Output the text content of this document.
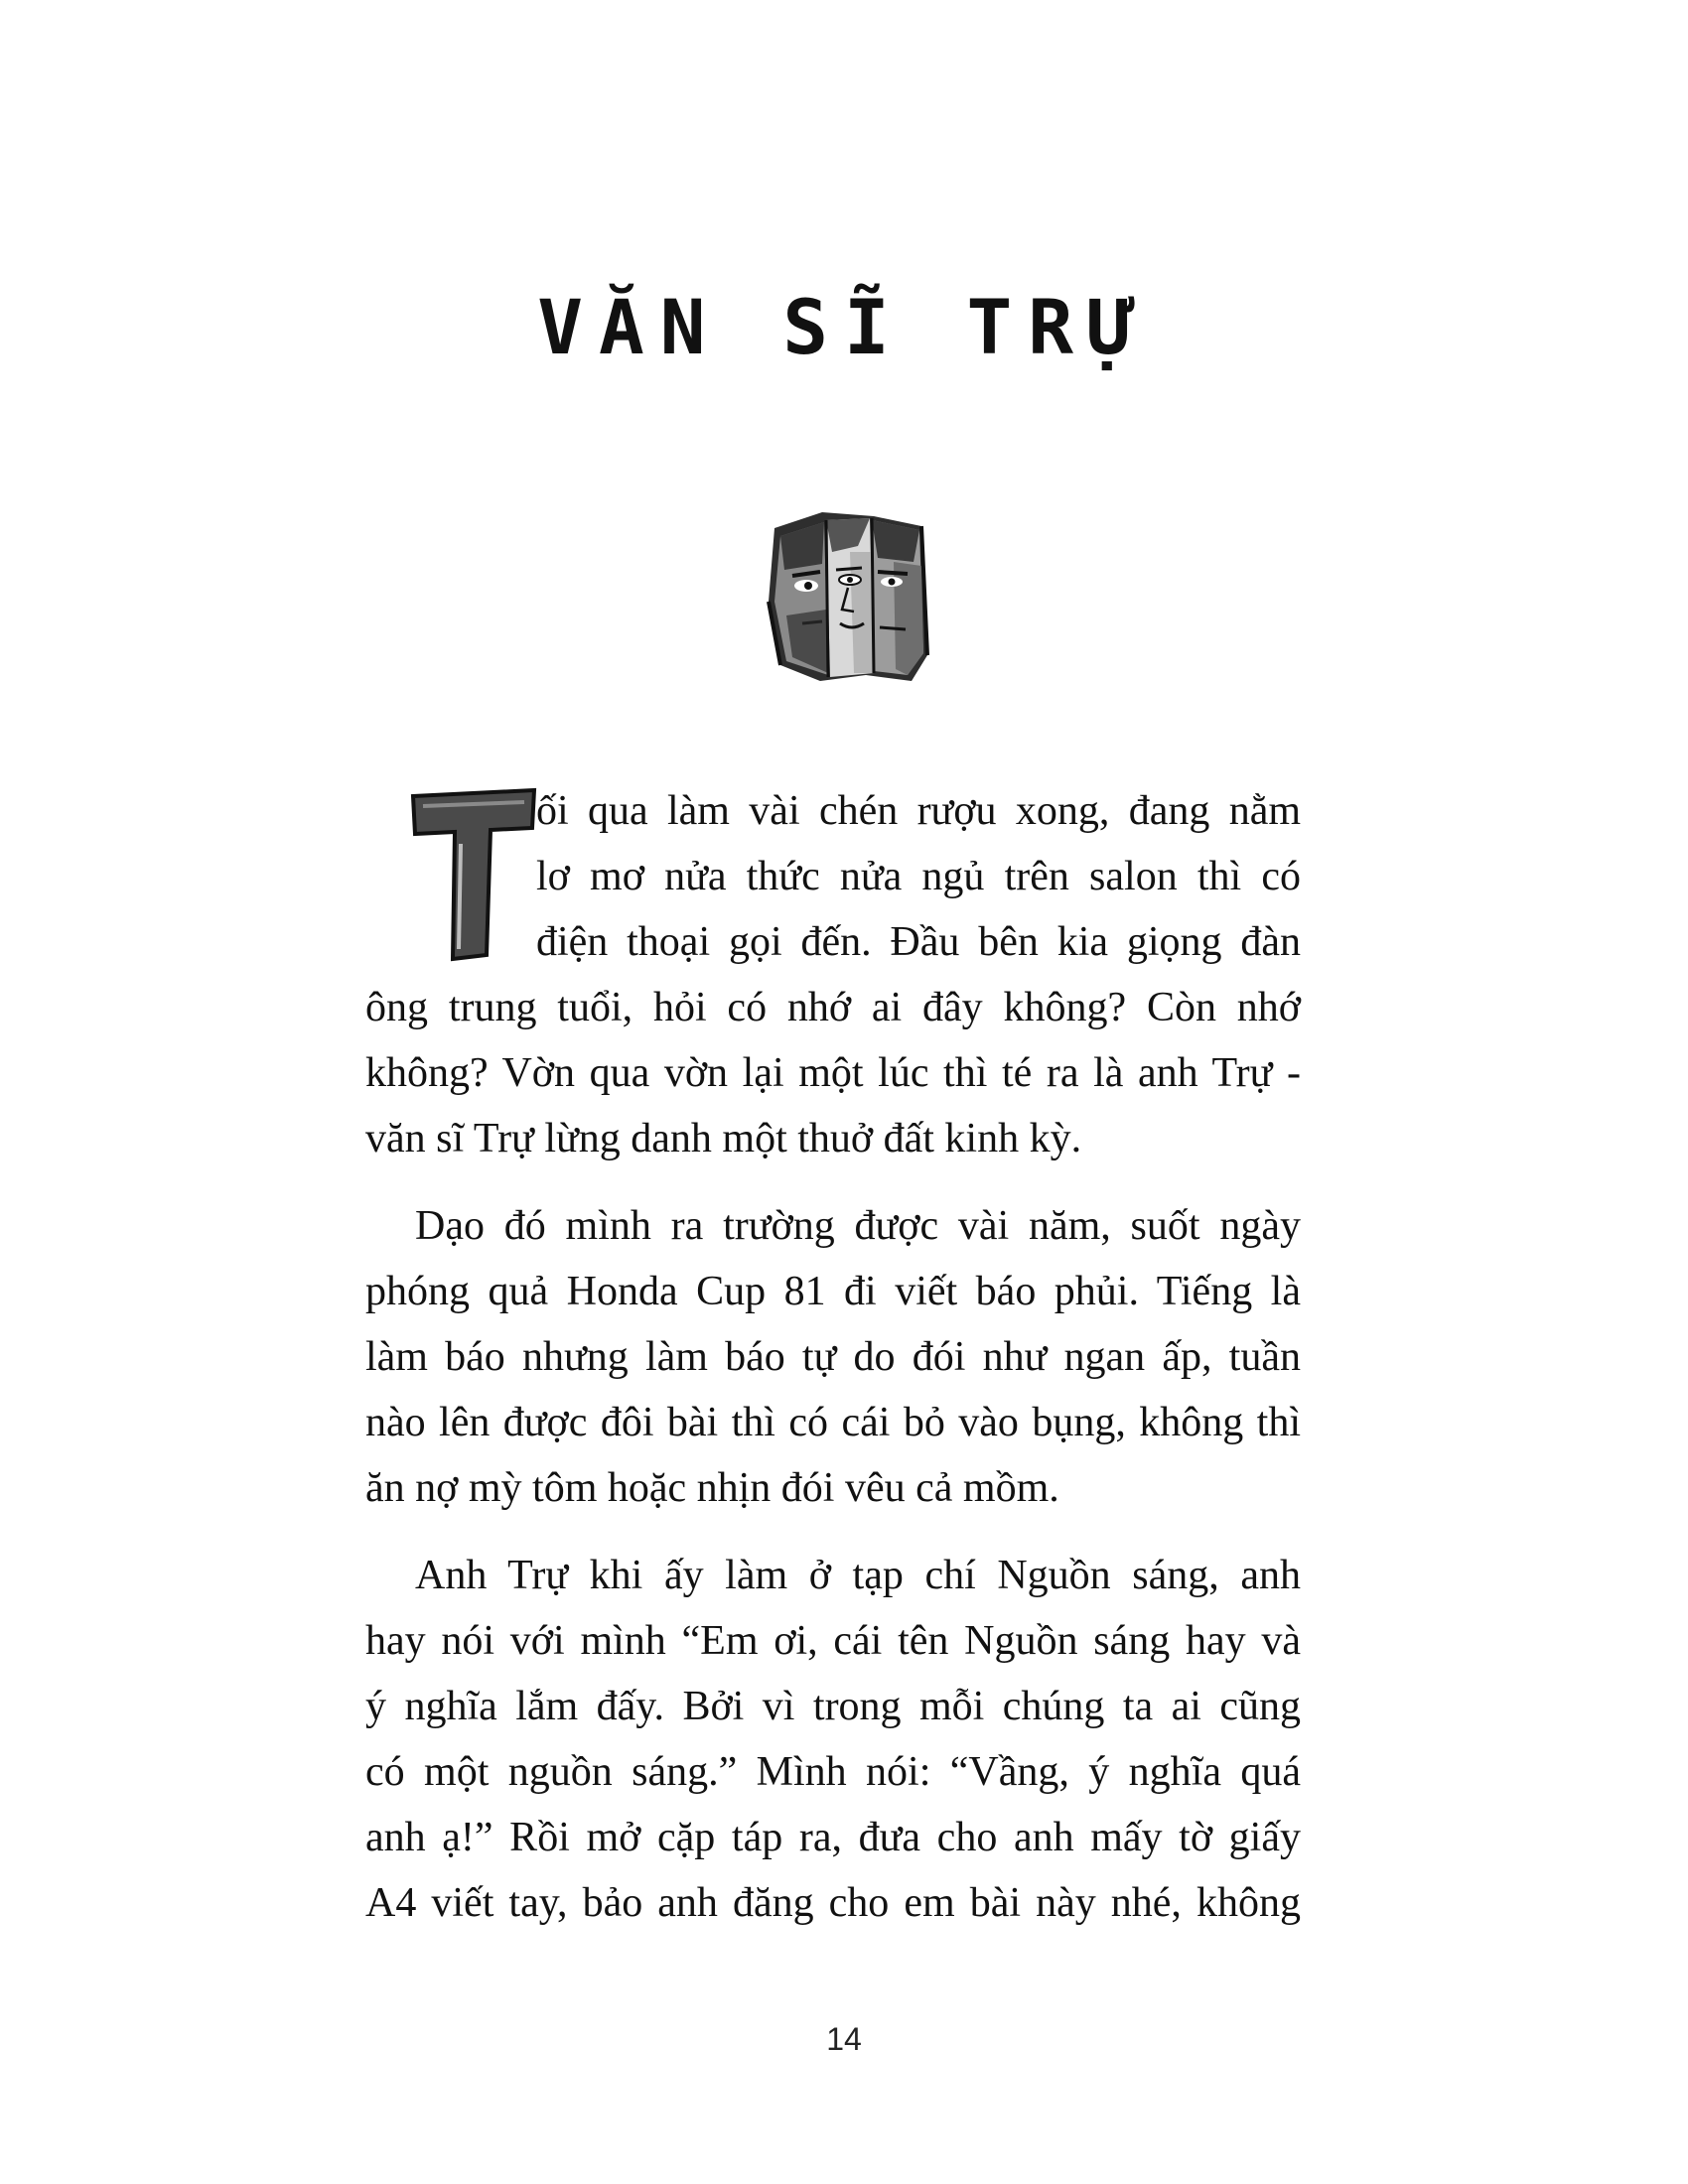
VĂN SĨ TRỰ
T
ối qua làm vài chén rượu xong, đang nằm
lơ mơ nửa thức nửa ngủ trên salon thì có
điện thoại gọi đến. Đầu bên kia giọng đàn
ông trung tuổi, hỏi có nhớ ai đây không? Còn nhớ
không? Vờn qua vờn lại một lúc thì té ra là anh Trự -
văn sĩ Trự lừng danh một thuở đất kinh kỳ.
Dạo đó mình ra trường được vài năm, suốt ngày
phóng quả Honda Cup 81 đi viết báo phủi. Tiếng là
làm báo nhưng làm báo tự do đói như ngan ấp, tuần
nào lên được đôi bài thì có cái bỏ vào bụng, không thì
ăn nợ mỳ tôm hoặc nhịn đói vêu cả mồm.
Anh Trự khi ấy làm ở tạp chí Nguồn sáng, anh
hay nói với mình “Em ơi, cái tên Nguồn sáng hay và
ý nghĩa lắm đấy. Bởi vì trong mỗi chúng ta ai cũng
có một nguồn sáng.” Mình nói: “Vầng, ý nghĩa quá
anh ạ!” Rồi mở cặp táp ra, đưa cho anh mấy tờ giấy
A4 viết tay, bảo anh đăng cho em bài này nhé, không
14
